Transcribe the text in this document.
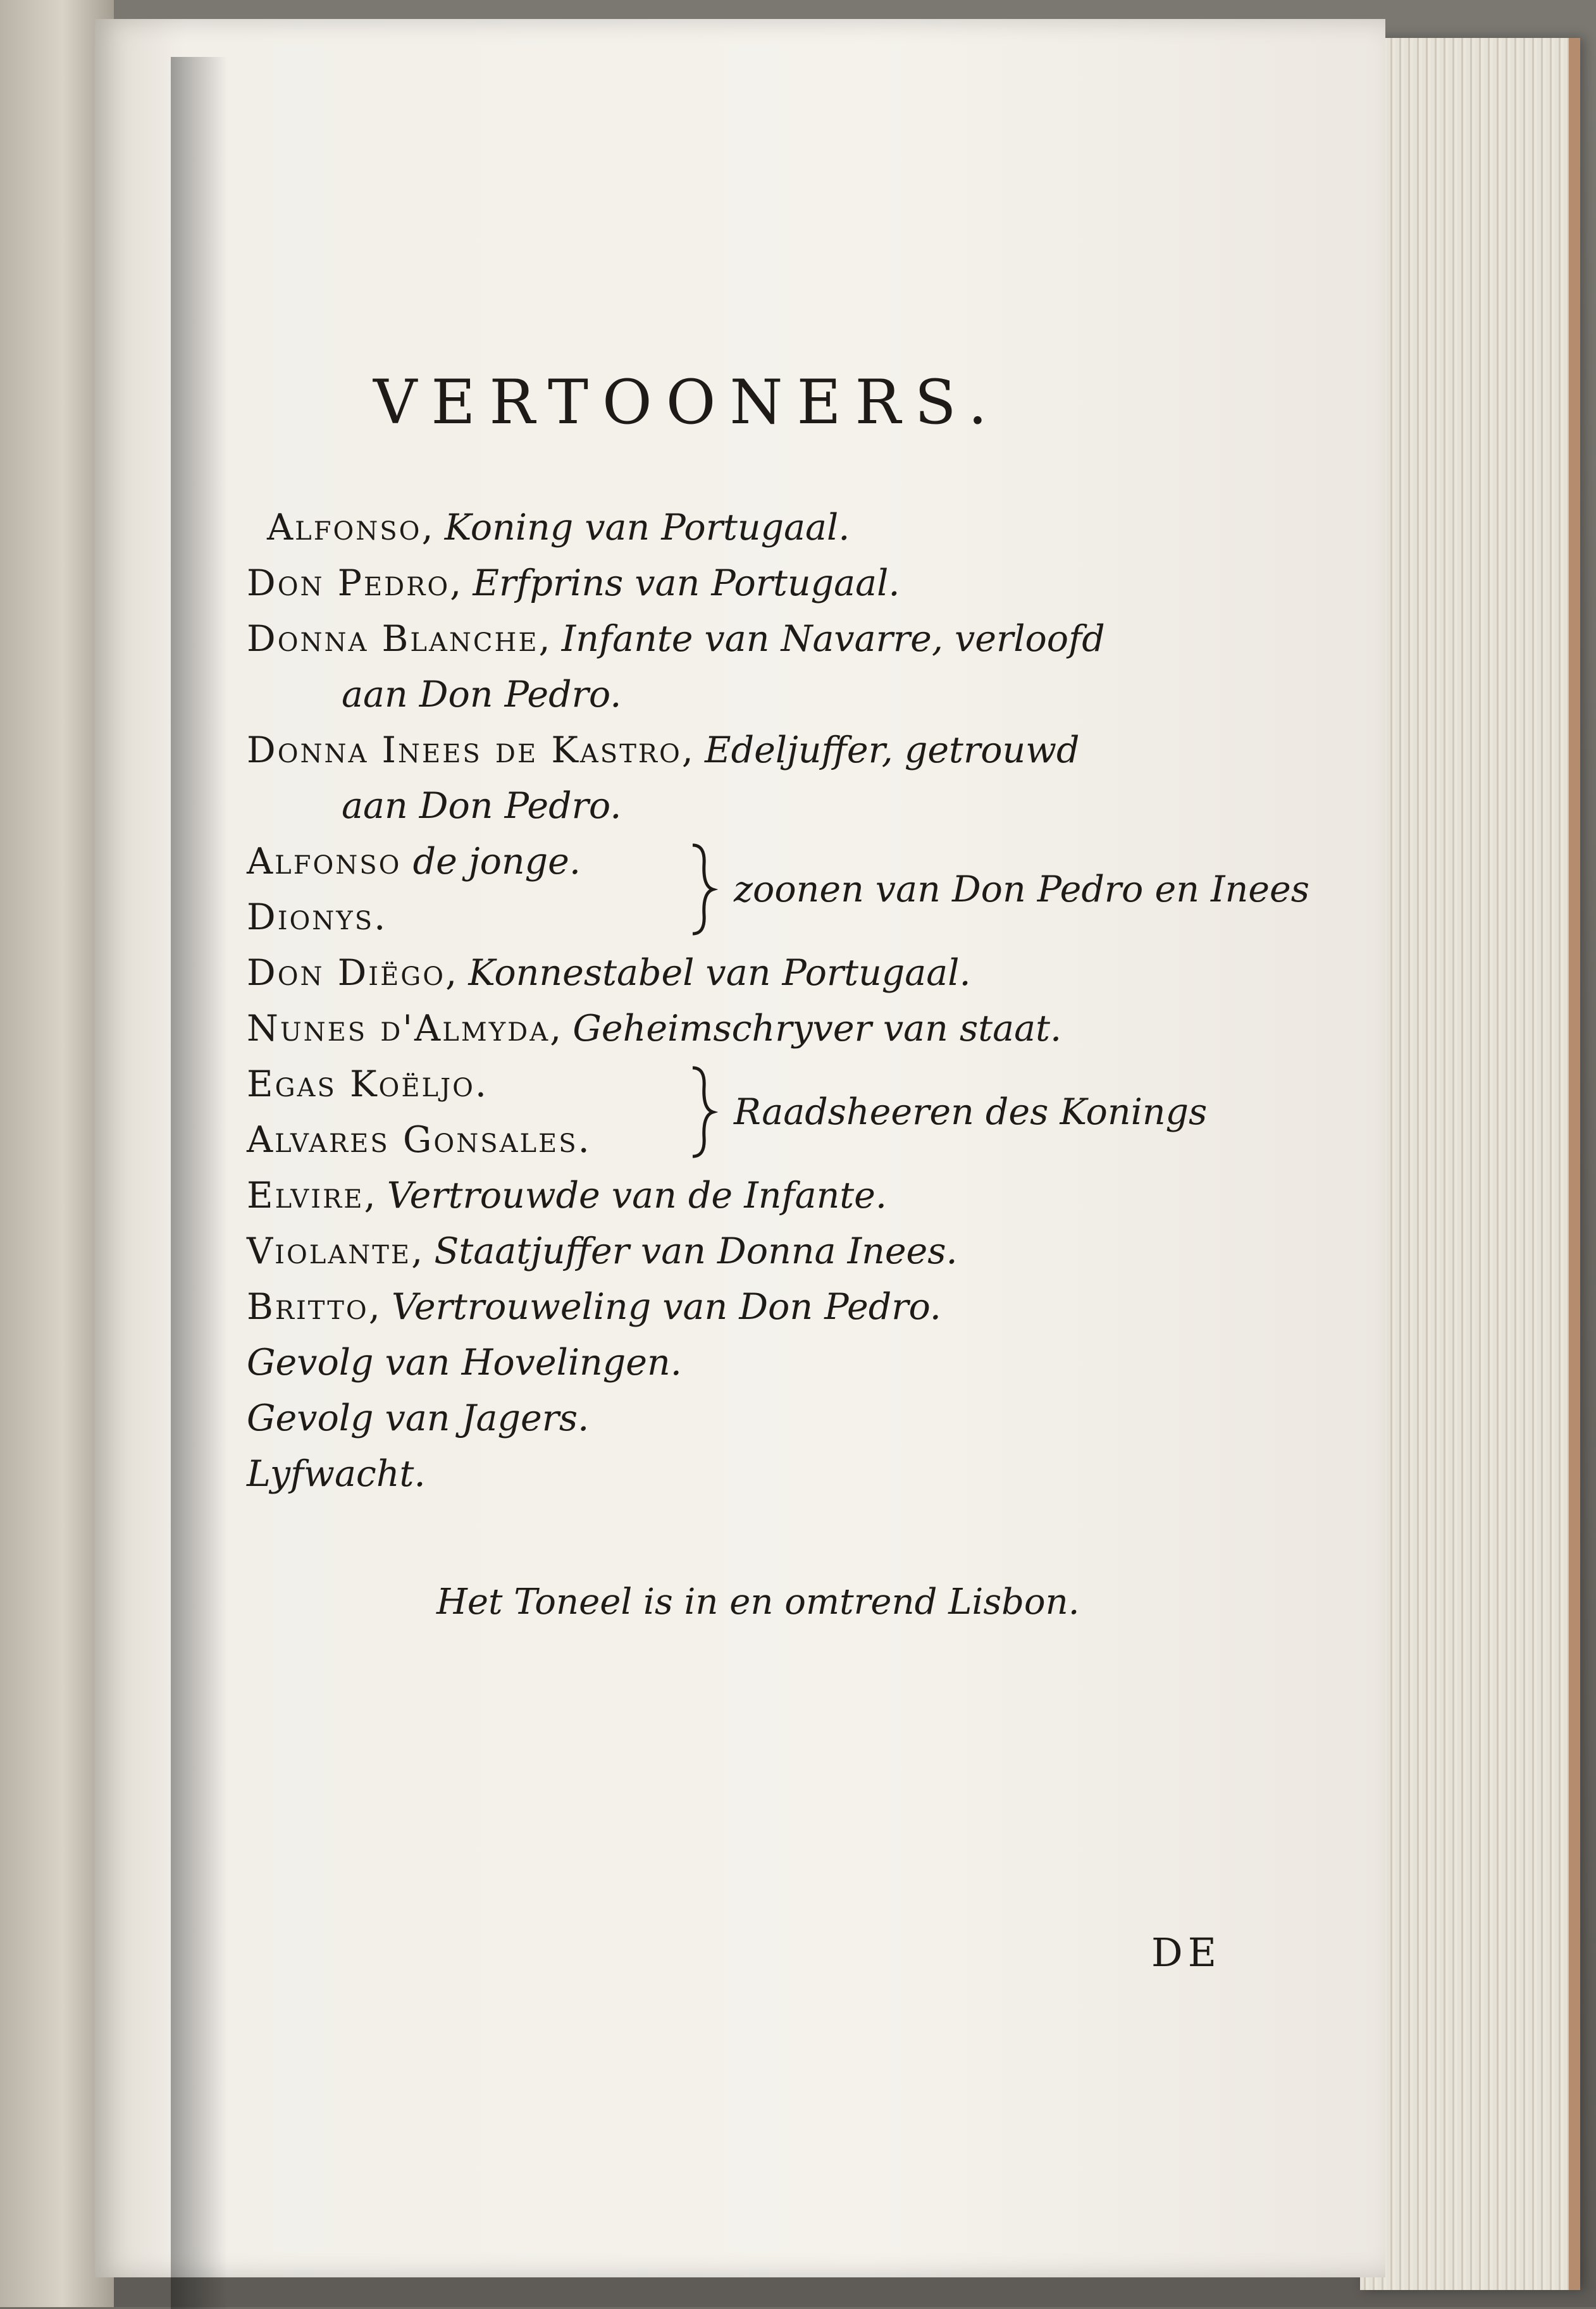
VERTOONERS.
Alfonso, Koning van Portugaal.
Don Pedro, Erfprins van Portugaal.
Donna Blanche, Infante van Navarre, verloofd
aan Don Pedro.
Donna Inees de Kastro, Edeljuffer, getrouwd
aan Don Pedro.
Alfonso de jonge.
Dionys.
zoonen van Don Pedro en Inees
Don Diëgo, Konnestabel van Portugaal.
Nunes d'Almyda, Geheimschryver van staat.
Egas Koëljo.
Alvares Gonsales.
Raadsheeren des Konings
Elvire, Vertrouwde van de Infante.
Violante, Staatjuffer van Donna Inees.
Britto, Vertrouweling van Don Pedro.
Gevolg van Hovelingen.
Gevolg van Jagers.
Lyfwacht.
Het Toneel is in en omtrend Lisbon.
DE
